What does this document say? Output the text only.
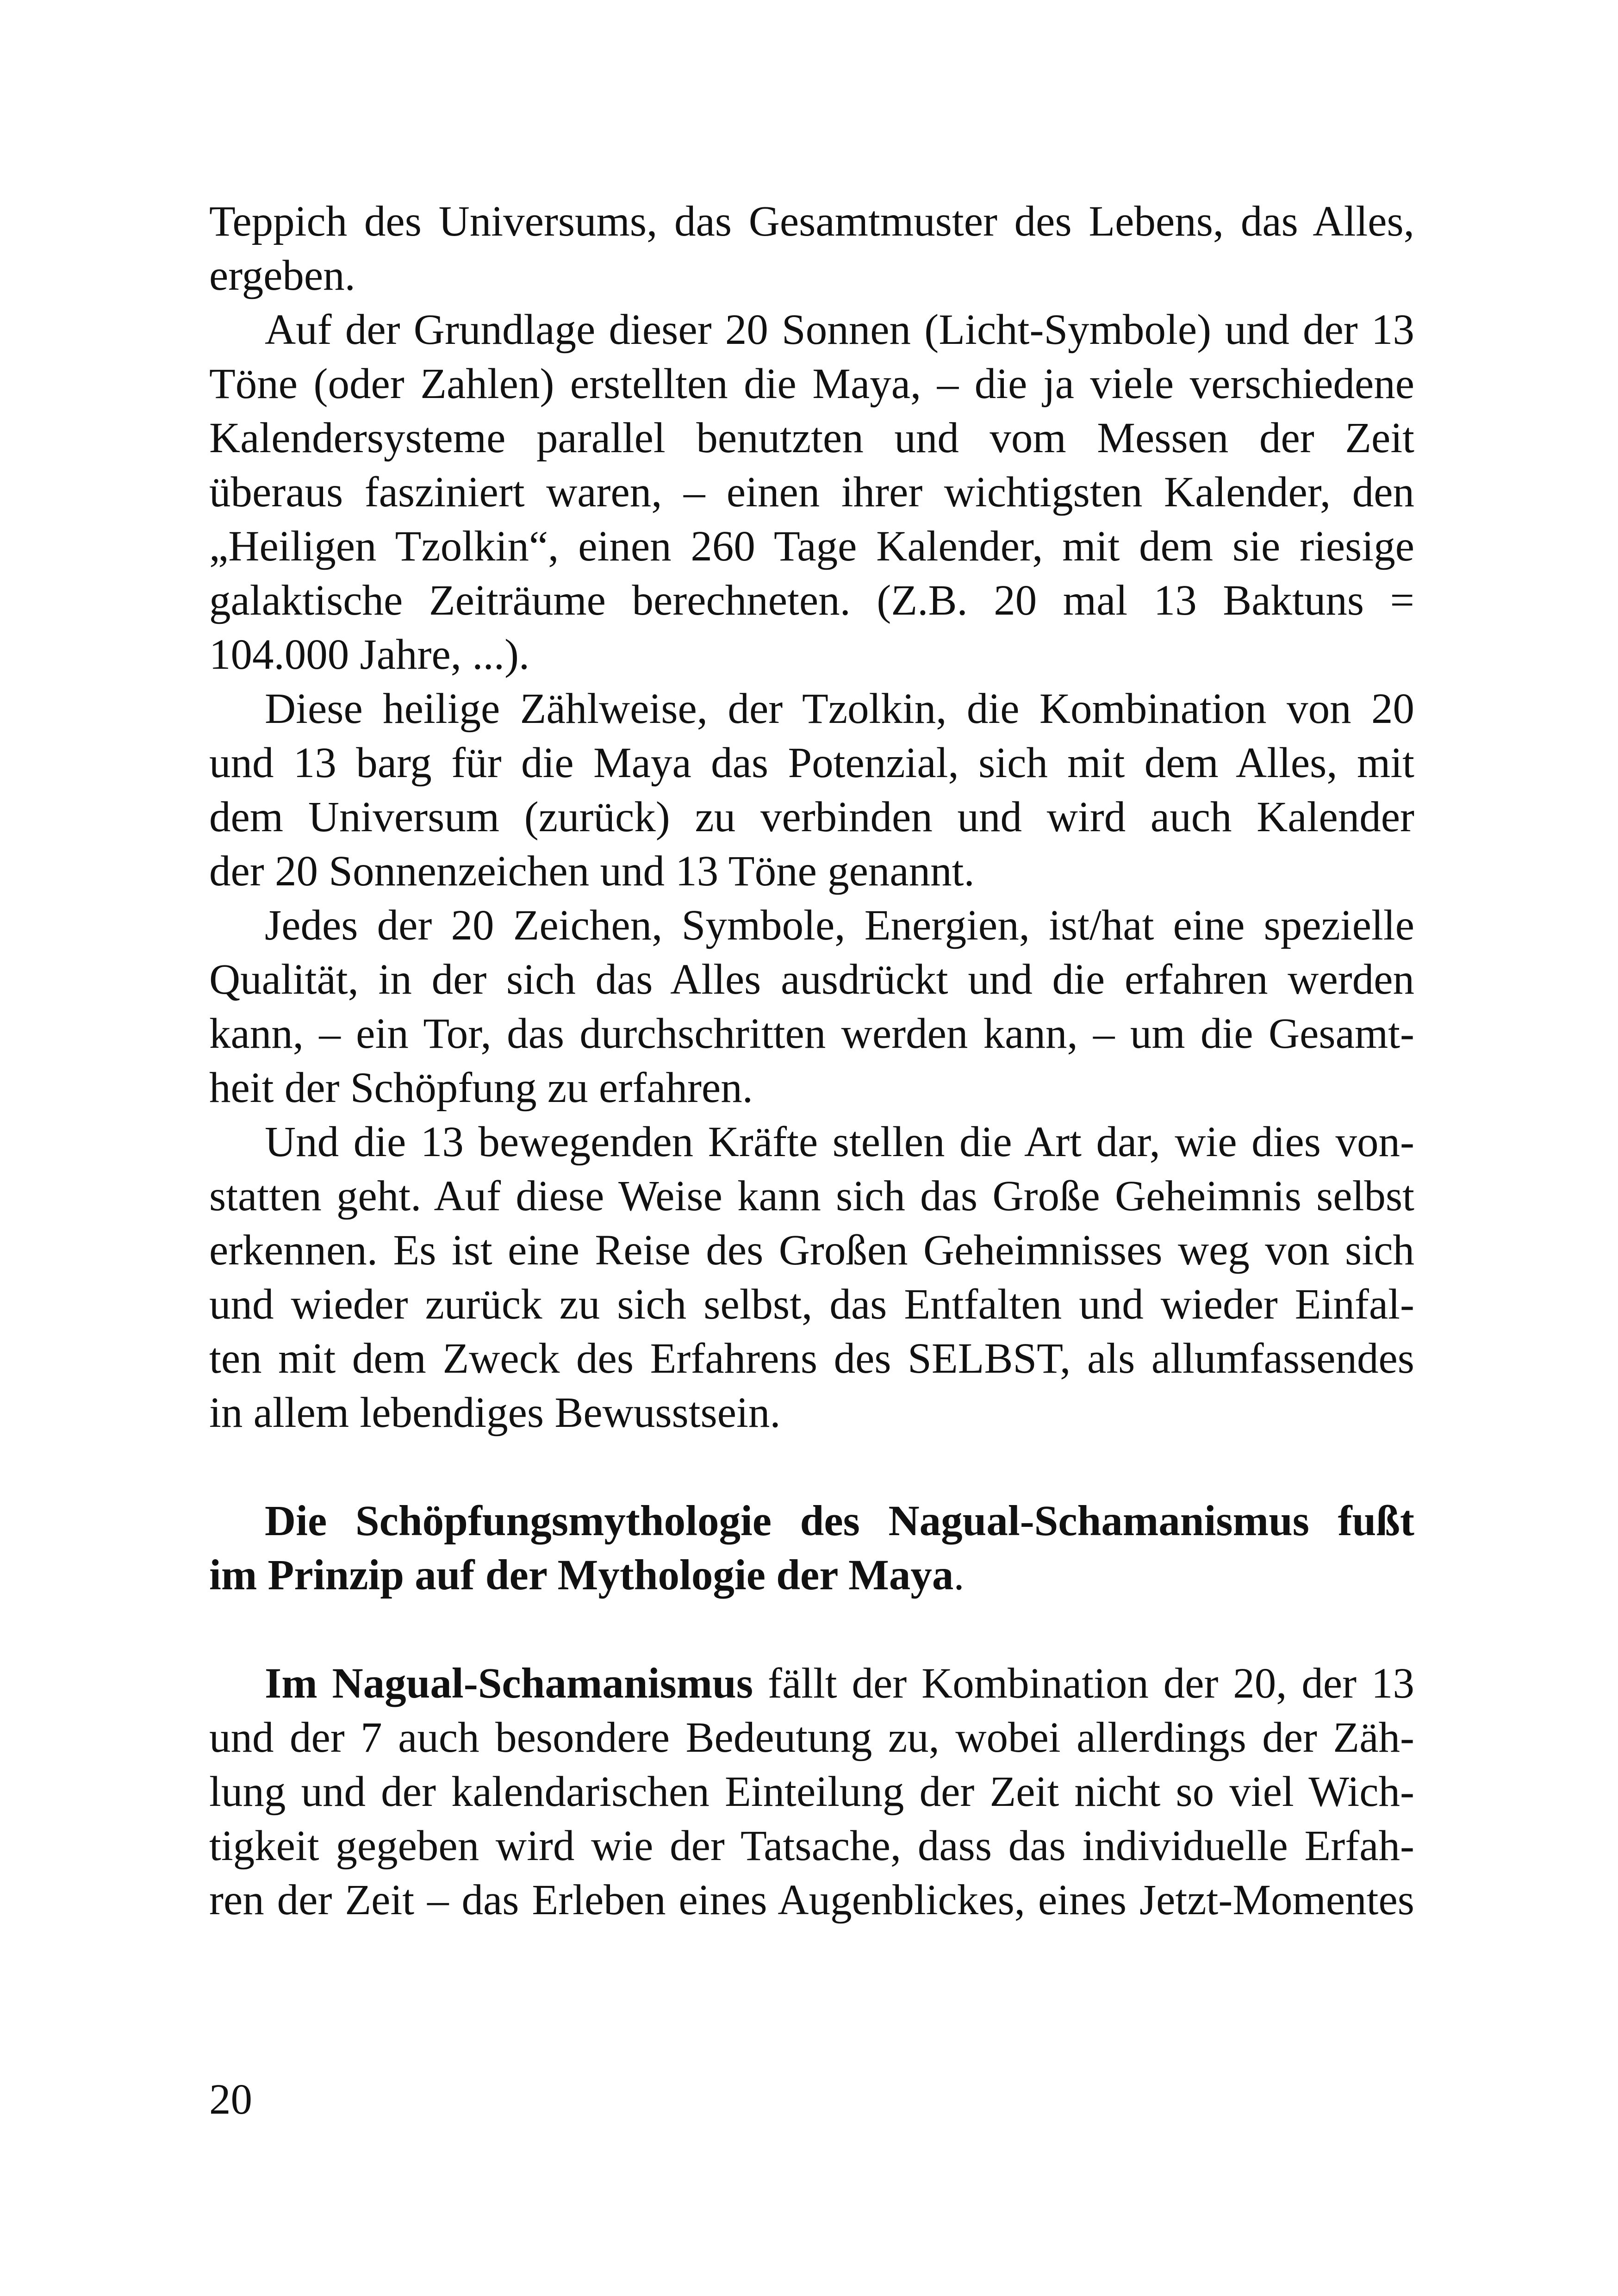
Teppich des Universums, das Gesamtmuster des Lebens, das Alles,
ergeben.
Auf der Grundlage dieser 20 Sonnen (Licht-Symbole) und der 13
Töne (oder Zahlen) erstellten die Maya, – die ja viele verschiedene
Kalendersysteme parallel benutzten und vom Messen der Zeit
überaus fasziniert waren, – einen ihrer wichtigsten Kalender, den
„Heiligen Tzolkin“, einen 260 Tage Kalender, mit dem sie riesige
galaktische Zeiträume berechneten. (Z.B. 20 mal 13 Baktuns =
104.000 Jahre, ...).
Diese heilige Zählweise, der Tzolkin, die Kombination von 20
und 13 barg für die Maya das Potenzial, sich mit dem Alles, mit
dem Universum (zurück) zu verbinden und wird auch Kalender
der 20 Sonnenzeichen und 13 Töne genannt.
Jedes der 20 Zeichen, Symbole, Energien, ist/hat eine spezielle
Qualität, in der sich das Alles ausdrückt und die erfahren werden
kann, – ein Tor, das durchschritten werden kann, – um die Gesamt-
heit der Schöpfung zu erfahren.
Und die 13 bewegenden Kräfte stellen die Art dar, wie dies von-
statten geht. Auf diese Weise kann sich das Große Geheimnis selbst
erkennen. Es ist eine Reise des Großen Geheimnisses weg von sich
und wieder zurück zu sich selbst, das Entfalten und wieder Einfal-
ten mit dem Zweck des Erfahrens des SELBST, als allumfassendes
in allem lebendiges Bewusstsein.
Die Schöpfungsmythologie des Nagual-Schamanismus fußt
im Prinzip auf der Mythologie der Maya.
Im Nagual-Schamanismus fällt der Kombination der 20, der 13
und der 7 auch besondere Bedeutung zu, wobei allerdings der Zäh-
lung und der kalendarischen Einteilung der Zeit nicht so viel Wich-
tigkeit gegeben wird wie der Tatsache, dass das individuelle Erfah-
ren der Zeit – das Erleben eines Augenblickes, eines Jetzt-Momentes
20
